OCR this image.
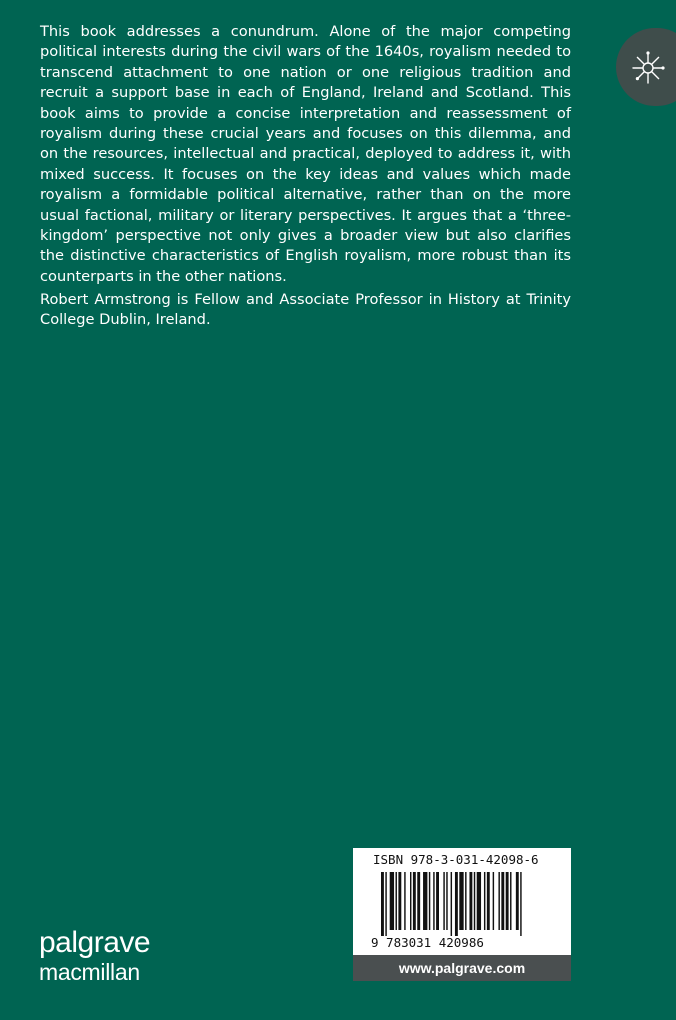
This book addresses a conundrum. Alone of the major competing political interests during the civil wars of the 1640s, royalism needed to transcend attachment to one nation or one religious tradition and recruit a support base in each of England, Ireland and Scotland. This book aims to provide a concise interpretation and reassessment of royalism during these crucial years and focuses on this dilemma, and on the resources, intellectual and practical, deployed to address it, with mixed success. It focuses on the key ideas and values which made royalism a formidable political alternative, rather than on the more usual factional, military or literary perspectives. It argues that a ‘three-kingdom’ perspective not only gives a broader view but also clarifies the distinctive characteristics of English royalism, more robust than its counterparts in the other nations.

Robert Armstrong is Fellow and Associate Professor in History at Trinity College Dublin, Ireland.

ISBN 978-3-031-42098-6
9 783031 420986
www.palgrave.com
palgrave
macmillan
